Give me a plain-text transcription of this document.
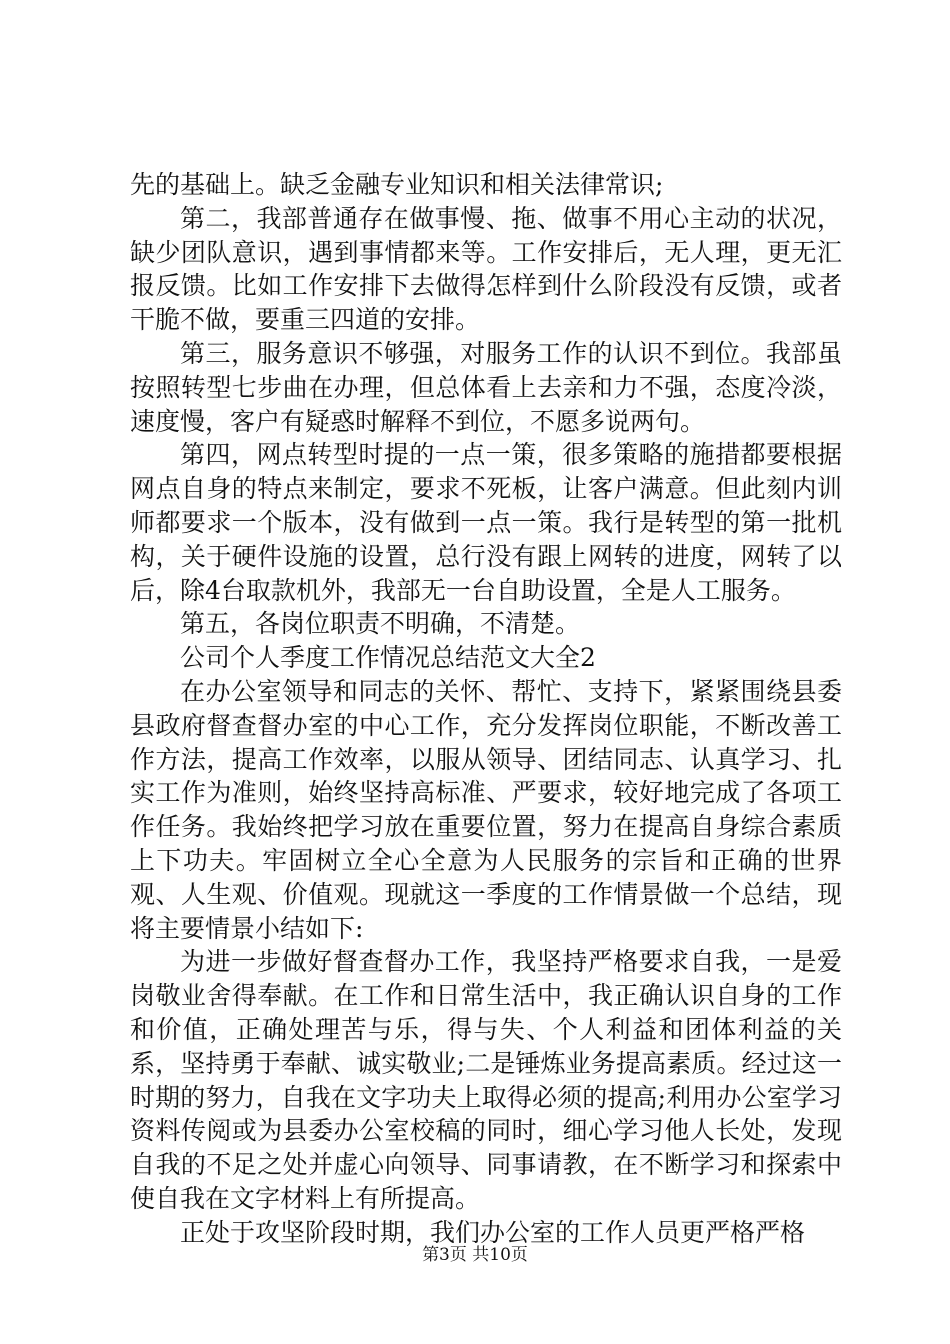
先的基础上。缺乏金融专业知识和相关法律常识;

第二，我部普通存在做事慢、拖、做事不用心主动的状况，缺少团队意识，遇到事情都来等。工作安排后，无人理，更无汇报反馈。比如工作安排下去做得怎样到什么阶段没有反馈，或者干脆不做，要重三四道的安排。

第三，服务意识不够强，对服务工作的认识不到位。我部虽按照转型七步曲在办理，但总体看上去亲和力不强，态度冷淡，速度慢，客户有疑惑时解释不到位，不愿多说两句。

第四，网点转型时提的一点一策，很多策略的施措都要根据网点自身的特点来制定，要求不死板，让客户满意。但此刻内训师都要求一个版本，没有做到一点一策。我行是转型的第一批机构，关于硬件设施的设置，总行没有跟上网转的进度，网转了以后，除4台取款机外，我部无一台自助设置，全是人工服务。

第五，各岗位职责不明确，不清楚。

公司个人季度工作情况总结范文大全2

在办公室领导和同志的关怀、帮忙、支持下，紧紧围绕县委县政府督查督办室的中心工作，充分发挥岗位职能，不断改善工作方法，提高工作效率，以服从领导、团结同志、认真学习、扎实工作为准则，始终坚持高标准、严要求，较好地完成了各项工作任务。我始终把学习放在重要位置，努力在提高自身综合素质上下功夫。牢固树立全心全意为人民服务的宗旨和正确的世界观、人生观、价值观。现就这一季度的工作情景做一个总结，现将主要情景小结如下:

为进一步做好督查督办工作，我坚持严格要求自我，一是爱岗敬业舍得奉献。在工作和日常生活中，我正确认识自身的工作和价值，正确处理苦与乐，得与失、个人利益和团体利益的关系，坚持勇于奉献、诚实敬业;二是锤炼业务提高素质。经过这一时期的努力，自我在文字功夫上取得必须的提高;利用办公室学习资料传阅或为县委办公室校稿的同时，细心学习他人长处，发现自我的不足之处并虚心向领导、同事请教，在不断学习和探索中使自我在文字材料上有所提高。

正处于攻坚阶段时期，我们办公室的工作人员更严格严格

第3页 共10页
